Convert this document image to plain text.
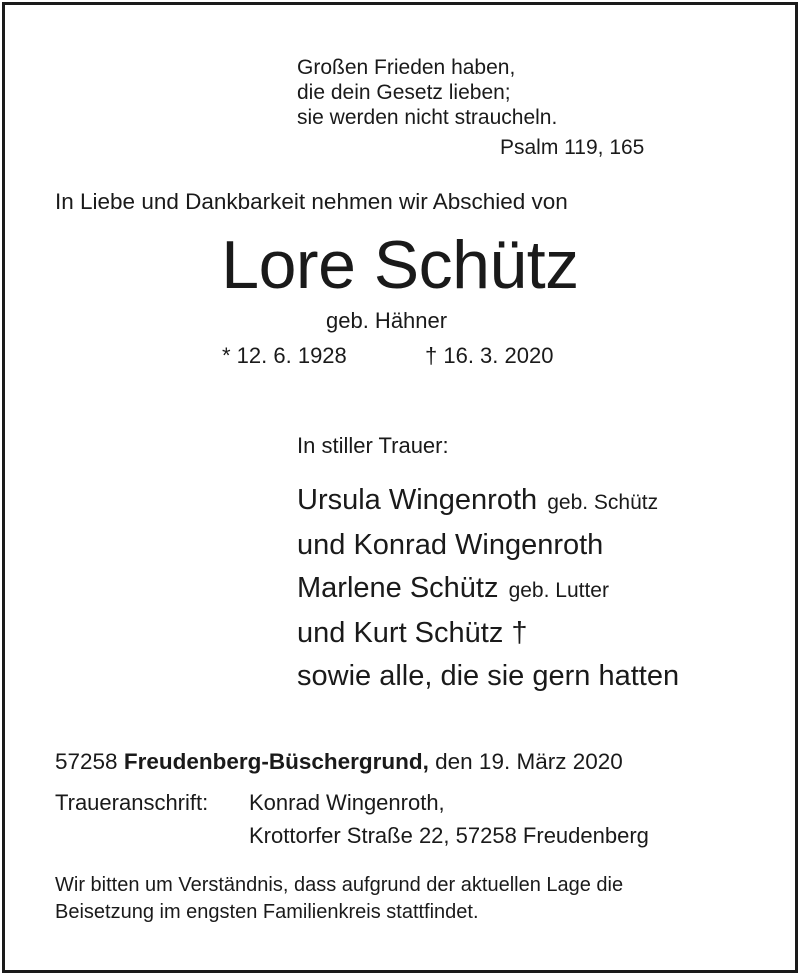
Großen Frieden haben,
die dein Gesetz lieben;
sie werden nicht straucheln.
Psalm 119, 165
In Liebe und Dankbarkeit nehmen wir Abschied von
Lore Schütz
geb. Hähner
* 12. 6. 1928	† 16. 3. 2020
In stiller Trauer:
Ursula Wingenroth geb. Schütz
und Konrad Wingenroth
Marlene Schütz geb. Lutter
und Kurt Schütz †
sowie alle, die sie gern hatten
57258 Freudenberg-Büschergrund, den 19. März 2020
Traueranschrift: Konrad Wingenroth,
Krottorfer Straße 22, 57258 Freudenberg
Wir bitten um Verständnis, dass aufgrund der aktuellen Lage die
Beisetzung im engsten Familienkreis stattfindet.
